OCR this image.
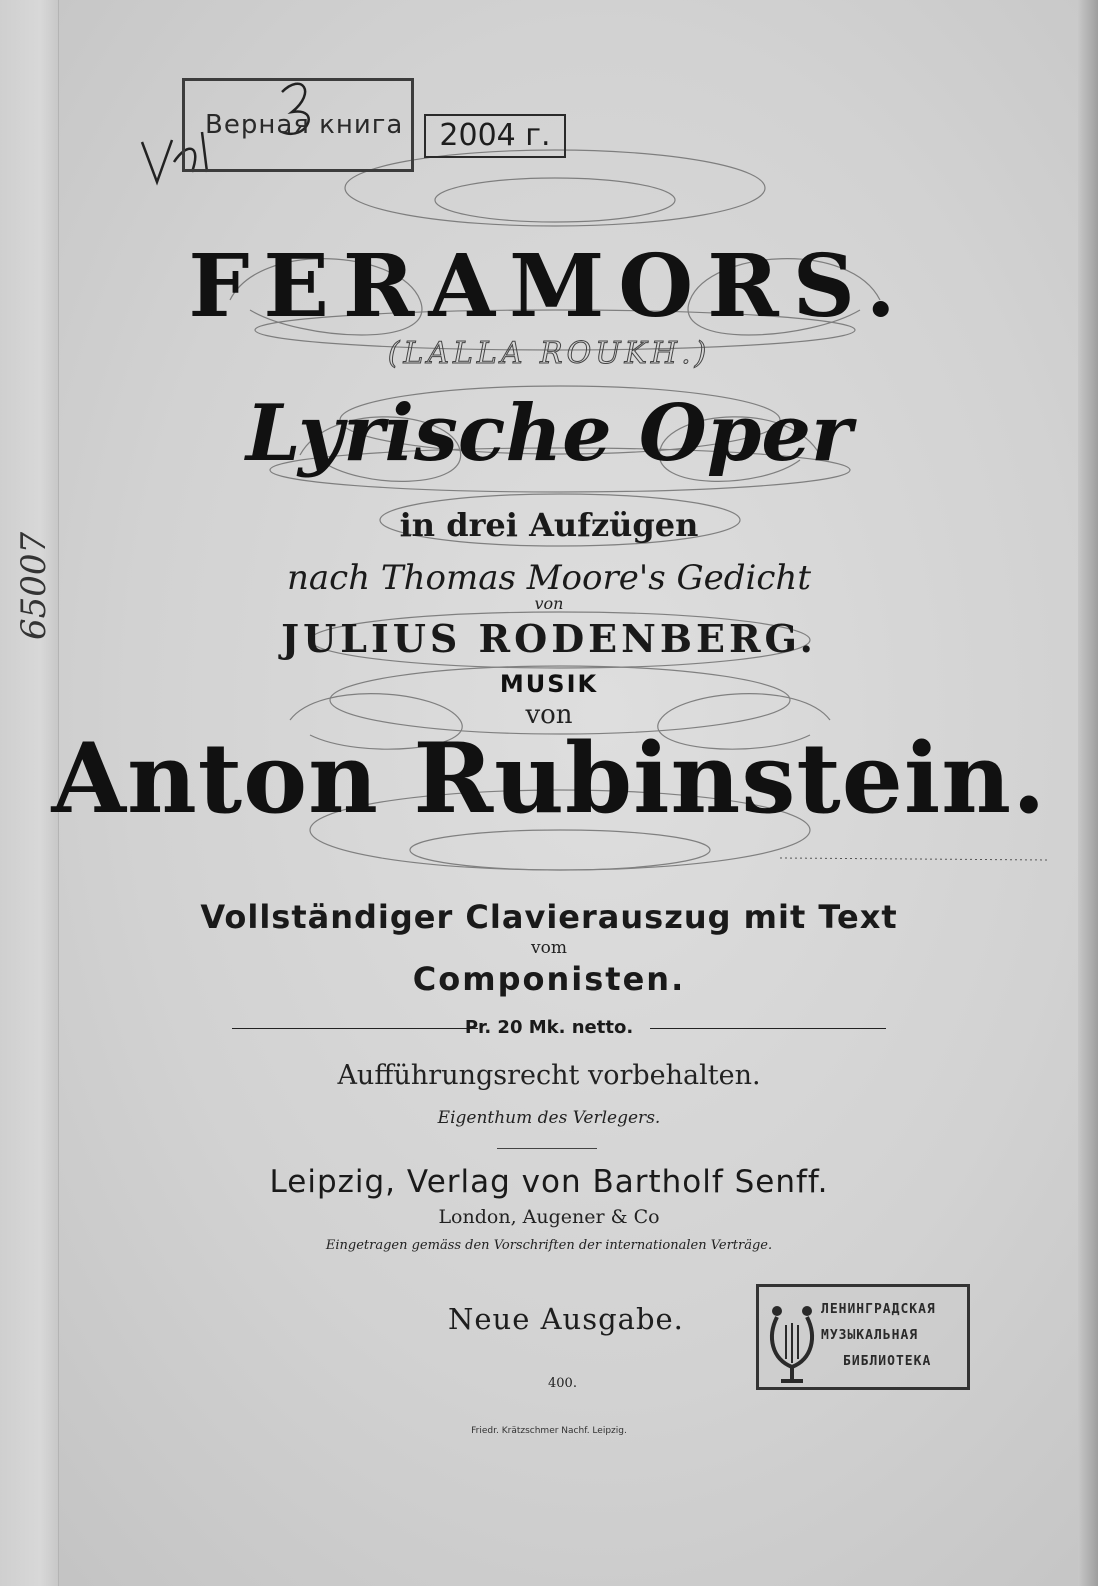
Верная книга	2004 г.
65007
FERAMORS.
(LALLA ROUKH.)
Lyrische Oper
in drei Aufzügen
nach Thomas Moore's Gedicht
von
JULIUS RODENBERG.
MUSIK
von
Anton Rubinstein.
Vollständiger Clavierauszug mit Text
vom
Componisten.
Pr. 20 Mk. netto.
Aufführungsrecht vorbehalten.
Eigenthum des Verlegers.
Leipzig, Verlag von Bartholf Senff.
London, Augener & Co
Eingetragen gemäss den Vorschriften der internationalen Verträge.
Neue Ausgabe.
400.
Friedr. Krätzschmer Nachf. Leipzig.
ЛЕНИНГРАДСКАЯ
МУЗЫКАЛЬНАЯ
БИБЛИОТЕКА
